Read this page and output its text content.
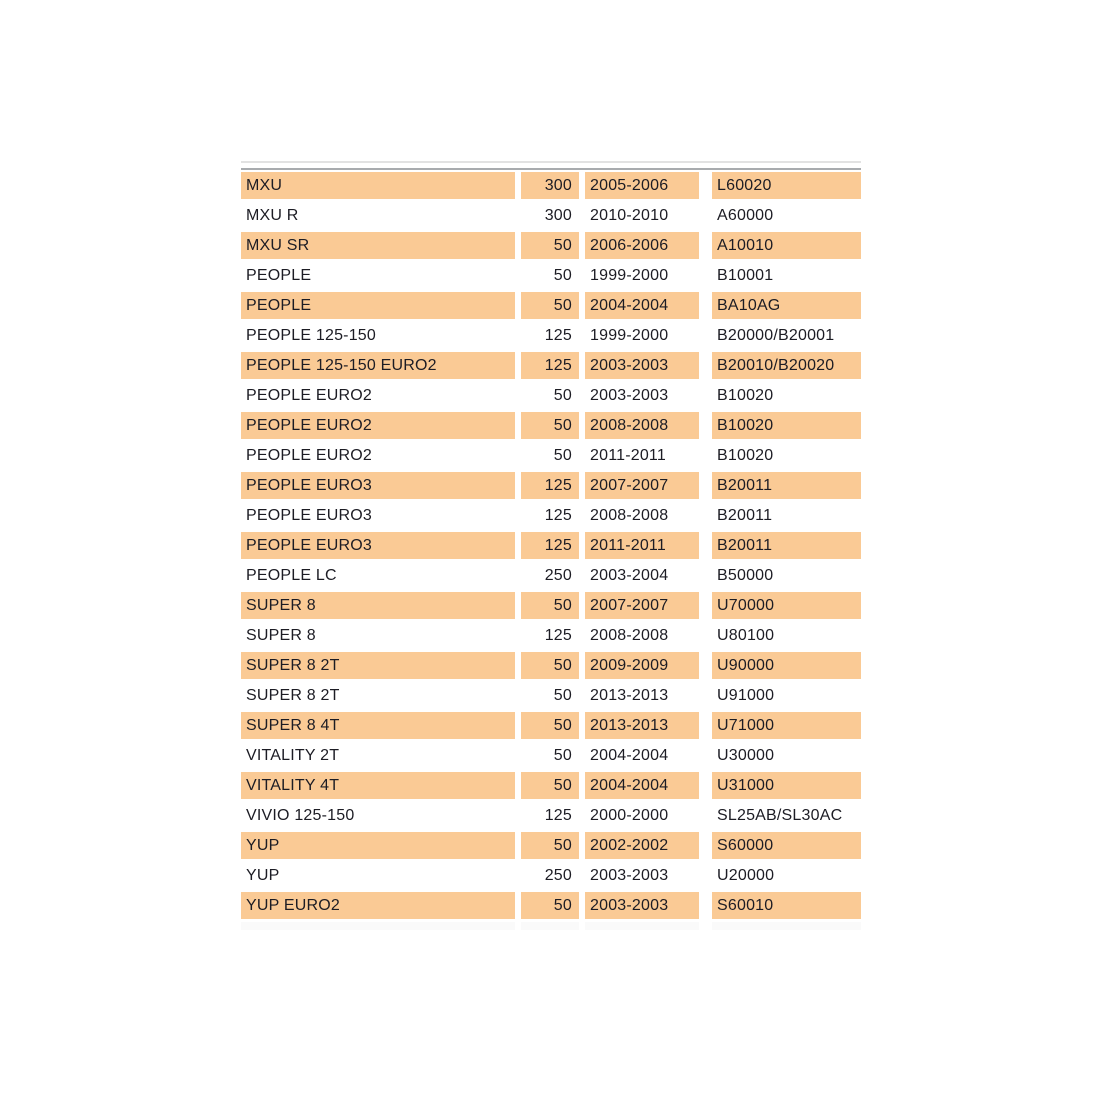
MXU	300	2005-2006	L60020
MXU R	300	2010-2010	A60000
MXU SR	50	2006-2006	A10010
PEOPLE	50	1999-2000	B10001
PEOPLE	50	2004-2004	BA10AG
PEOPLE 125-150	125	1999-2000	B20000/B20001
PEOPLE 125-150 EURO2	125	2003-2003	B20010/B20020
PEOPLE EURO2	50	2003-2003	B10020
PEOPLE EURO2	50	2008-2008	B10020
PEOPLE EURO2	50	2011-2011	B10020
PEOPLE EURO3	125	2007-2007	B20011
PEOPLE EURO3	125	2008-2008	B20011
PEOPLE EURO3	125	2011-2011	B20011
PEOPLE LC	250	2003-2004	B50000
SUPER 8	50	2007-2007	U70000
SUPER 8	125	2008-2008	U80100
SUPER 8 2T	50	2009-2009	U90000
SUPER 8 2T	50	2013-2013	U91000
SUPER 8 4T	50	2013-2013	U71000
VITALITY 2T	50	2004-2004	U30000
VITALITY 4T	50	2004-2004	U31000
VIVIO 125-150	125	2000-2000	SL25AB/SL30AC
YUP	50	2002-2002	S60000
YUP	250	2003-2003	U20000
YUP EURO2	50	2003-2003	S60010
